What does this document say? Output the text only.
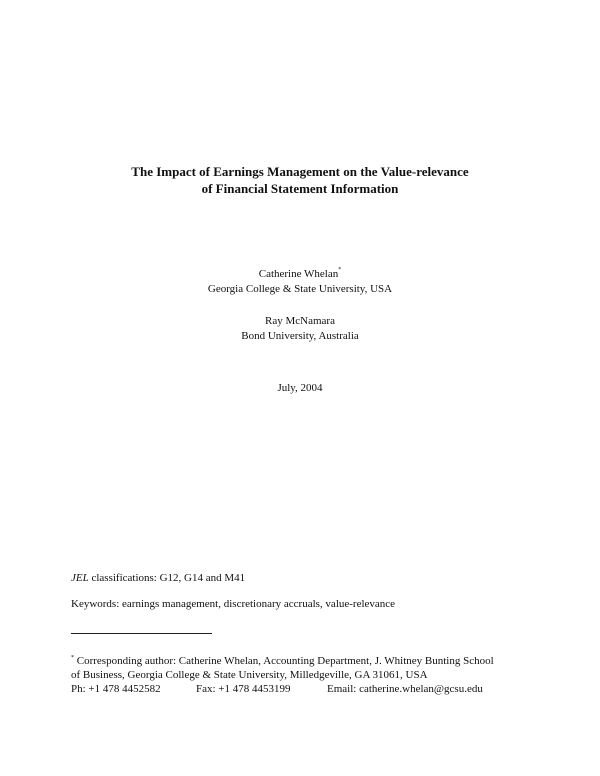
The Impact of Earnings Management on the Value-relevance
of Financial Statement Information
Catherine Whelan*
Georgia College & State University, USA
Ray McNamara
Bond University, Australia
July, 2004
JEL classifications: G12, G14 and M41
Keywords: earnings management, discretionary accruals, value-relevance
* Corresponding author: Catherine Whelan, Accounting Department, J. Whitney Bunting School
of Business, Georgia College & State University, Milledgeville, GA 31061, USA
Ph: +1 478 4452582	Fax: +1 478 4453199	Email: catherine.whelan@gcsu.edu
